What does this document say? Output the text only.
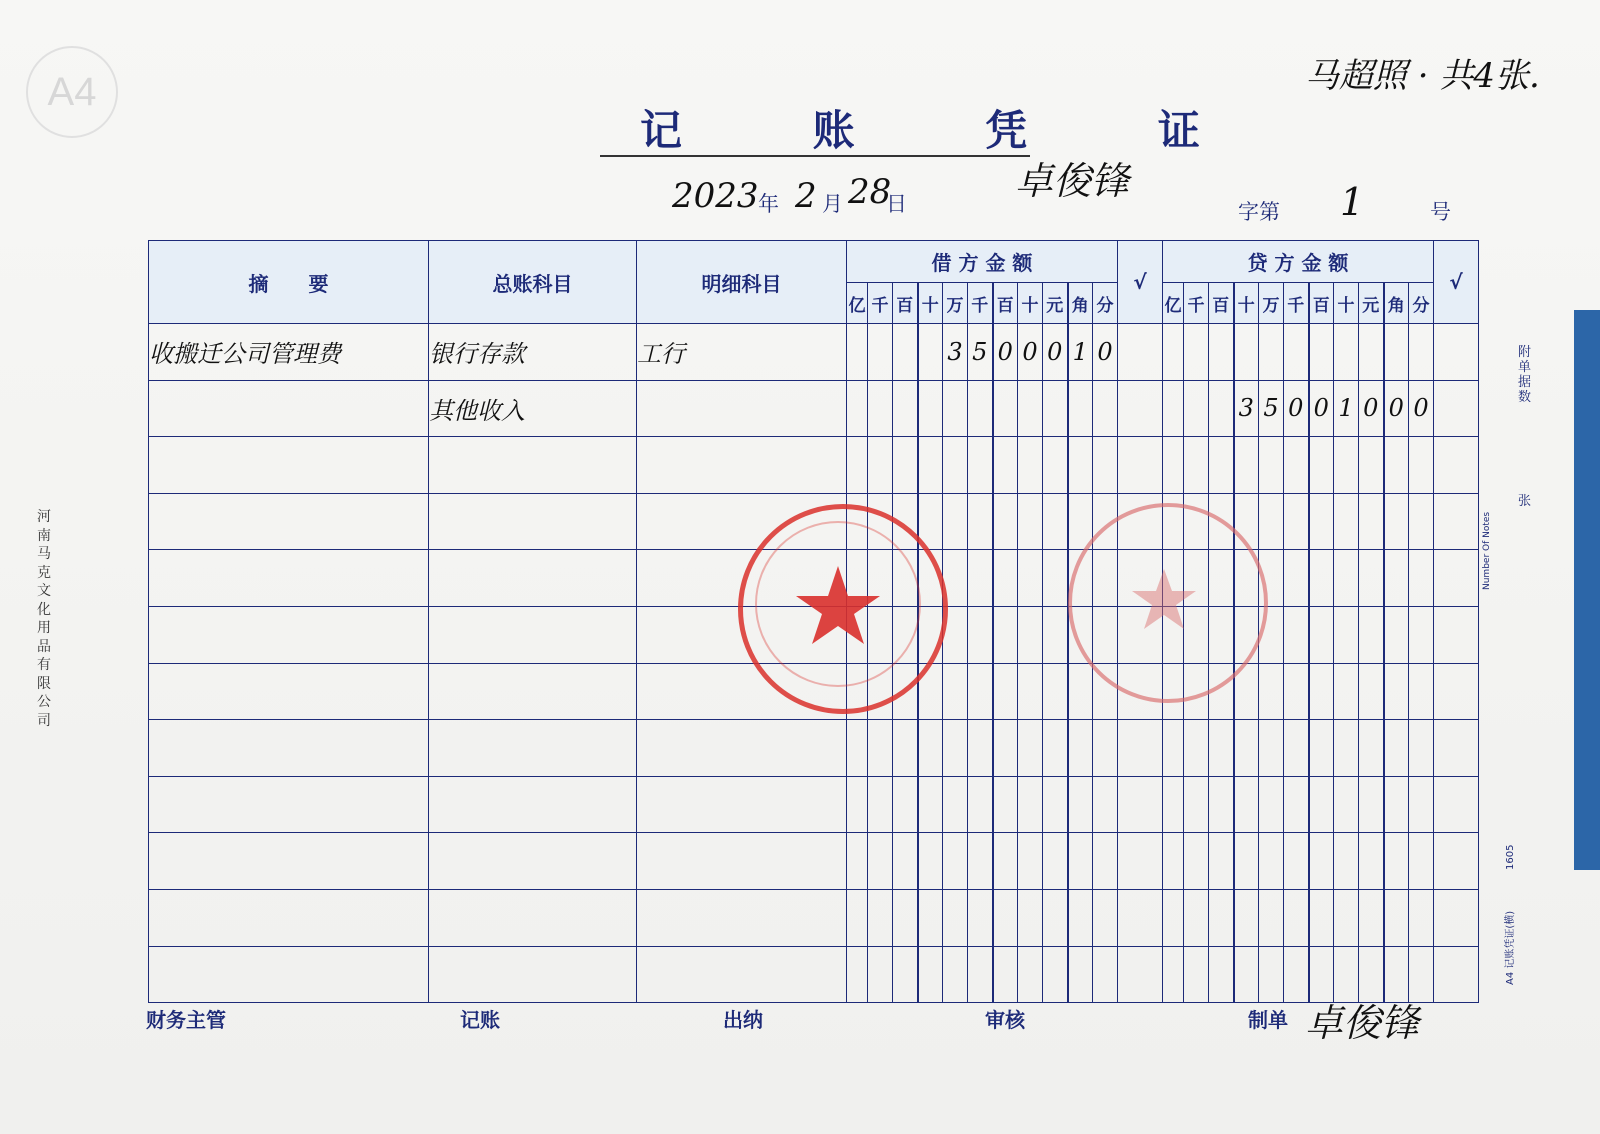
A4
记 账 凭 证
马超照 · 共4张.
卓俊锋
2023 年 2 月 28
日	字第 1	号
河南马克文化用品有限公司
附单据数
张
Number Of Notes
1605
A4 记账凭证(横)
摘　　要	总账科目	明细科目	借 方 金 额											√	贷 方 金 额											√
			亿	千	百	十	万	千	百	十	元	角	分		亿	千	百	十	万	千	百	十	元	角	分	
收搬迁公司管理费	银行存款	工行					3	5	0	0	0	1	0													
	其他收入																	3	5	0	0	1	0	0	0	

财务主管	记账	出纳	审核	制单 卓俊锋
